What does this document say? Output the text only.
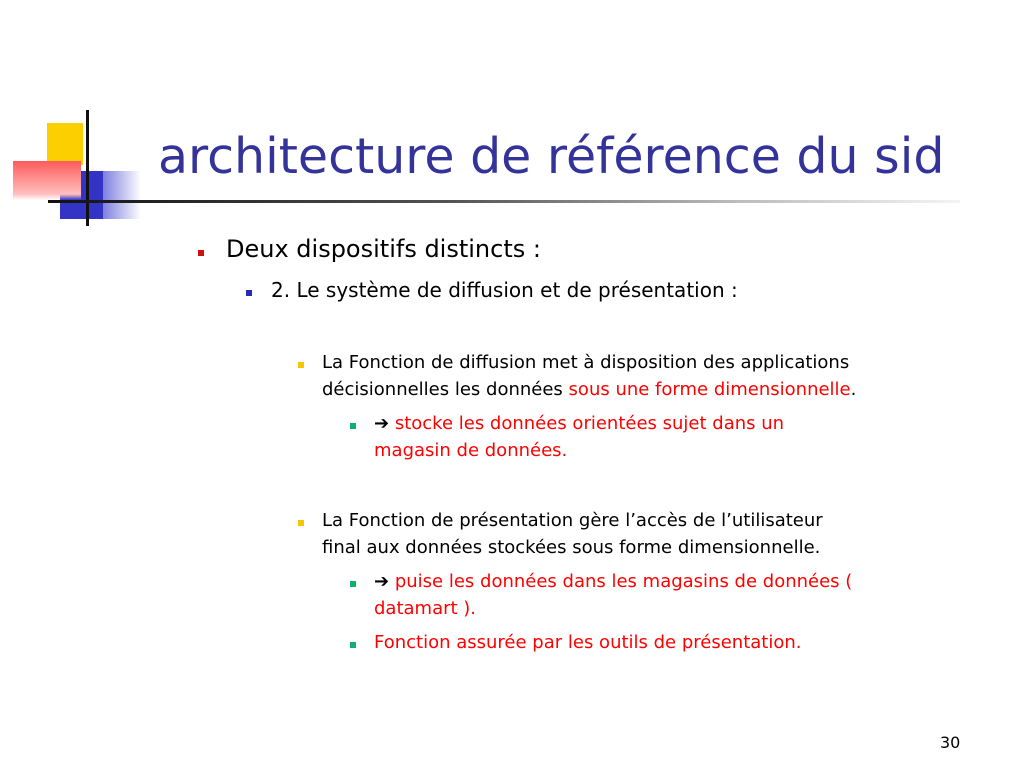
architecture de référence du sid
Deux dispositifs distincts :
2. Le système de diffusion et de présentation :
La Fonction de diffusion met à disposition des applications
décisionnelles les données sous une forme dimensionnelle.
➔ stocke les données orientées sujet dans un
magasin de données.
La Fonction de présentation gère l’accès de l’utilisateur
final aux données stockées sous forme dimensionnelle.
➔ puise les données dans les magasins de données (
datamart ).
Fonction assurée par les outils de présentation.
30
